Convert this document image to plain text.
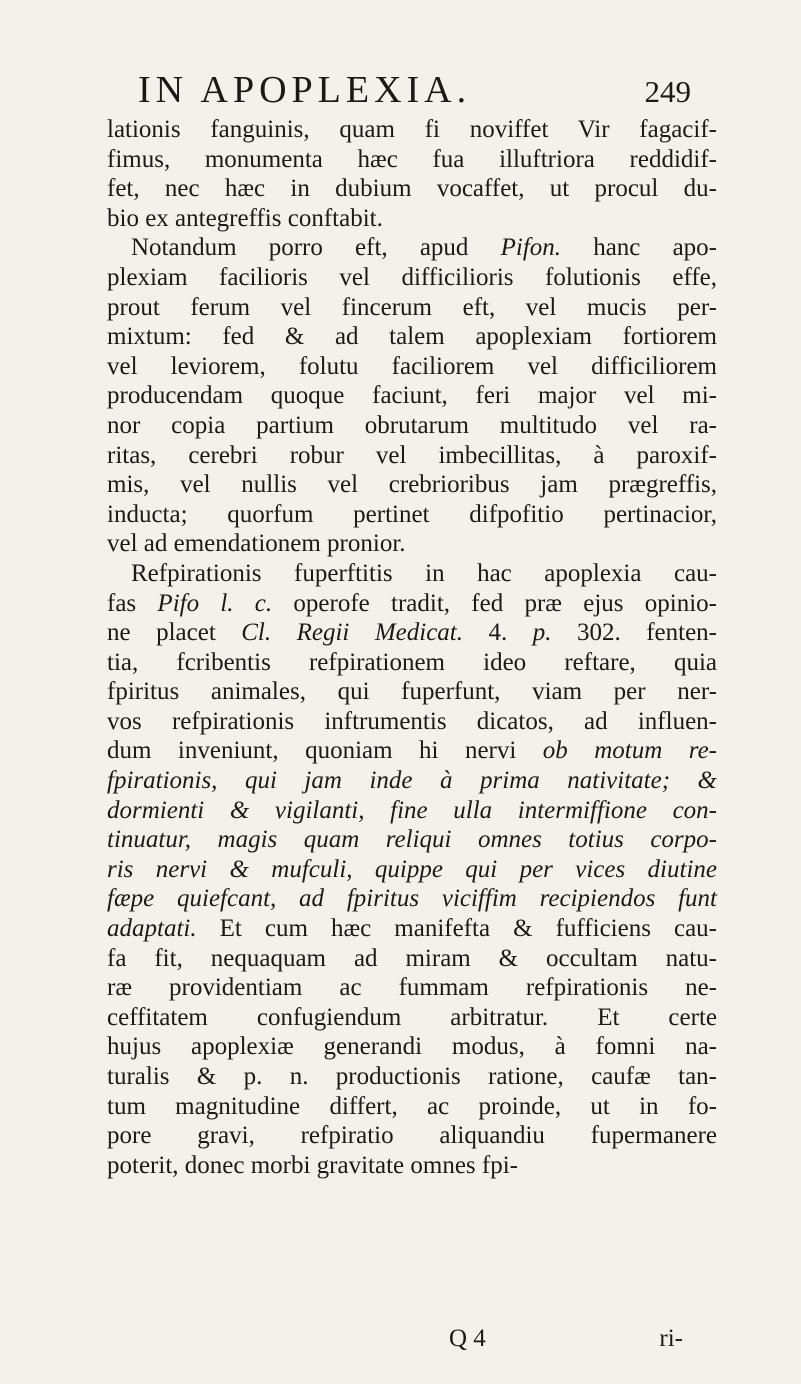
IN APOPLEXIA.	249
lationis fanguinis, quam fi noviffet Vir fagacif-
fimus, monumenta hæc fua illuftriora reddidif-
fet, nec hæc in dubium vocaffet, ut procul du-
bio ex antegreffis conftabit.
Notandum porro eft, apud Pifon. hanc apo-
plexiam facilioris vel difficilioris folutionis effe,
prout ferum vel fincerum eft, vel mucis per-
mixtum: fed & ad talem apoplexiam fortiorem
vel leviorem, folutu faciliorem vel difficiliorem
producendam quoque faciunt, feri major vel mi-
nor copia partium obrutarum multitudo vel ra-
ritas, cerebri robur vel imbecillitas, à paroxif-
mis, vel nullis vel crebrioribus jam prægreffis,
inducta; quorfum pertinet difpofitio pertinacior,
vel ad emendationem pronior.
Refpirationis fuperftitis in hac apoplexia cau-
fas Pifo l. c. operofe tradit, fed præ ejus opinio-
ne placet Cl. Regii Medicat. 4. p. 302. fenten-
tia, fcribentis refpirationem ideo reftare, quia
fpiritus animales, qui fuperfunt, viam per ner-
vos refpirationis inftrumentis dicatos, ad influen-
dum inveniunt, quoniam hi nervi ob motum re-
fpirationis, qui jam inde à prima nativitate; &
dormienti & vigilanti, fine ulla intermiffione con-
tinuatur, magis quam reliqui omnes totius corpo-
ris nervi & mufculi, quippe qui per vices diutine
fæpe quiefcant, ad fpiritus viciffim recipiendos funt
adaptati. Et cum hæc manifefta & fufficiens cau-
fa fit, nequaquam ad miram & occultam natu-
ræ providentiam ac fummam refpirationis ne-
ceffitatem confugiendum arbitratur. Et certe
hujus apoplexiæ generandi modus, à fomni na-
turalis & p. n. productionis ratione, caufæ tan-
tum magnitudine differt, ac proinde, ut in fo-
pore gravi, refpiratio aliquandiu fupermanere
poterit, donec morbi gravitate omnes fpi-
Q 4	ri-
